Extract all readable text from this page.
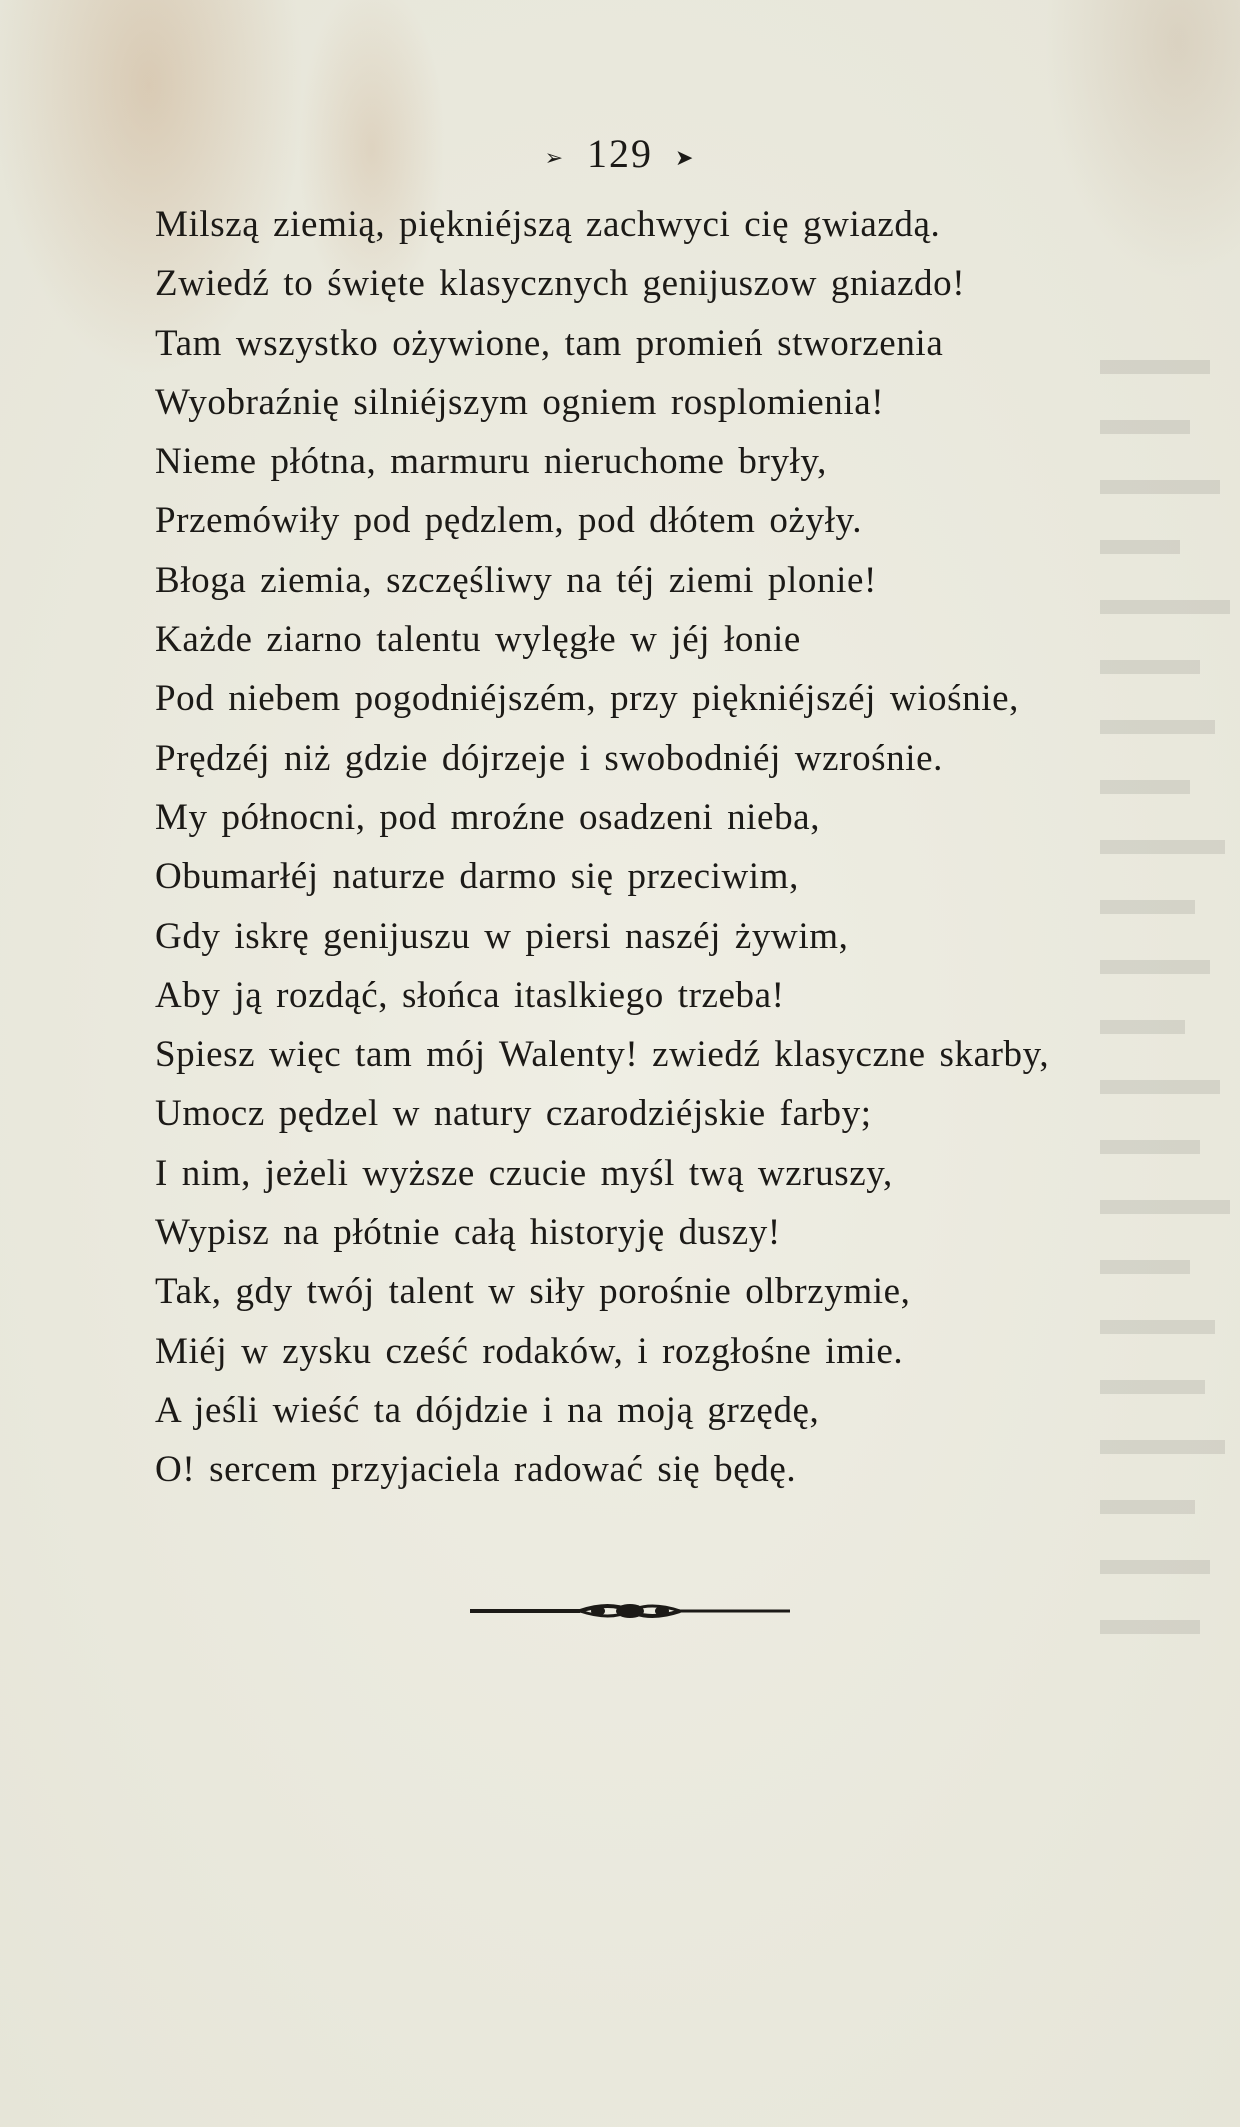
➢ 129 ➤
Milszą ziemią, piękniéjszą zachwyci cię gwiazdą.
Zwiedź to święte klasycznych genijuszow gniazdo!
Tam wszystko ożywione, tam promień stworzenia
Wyobraźnię silniéjszym ogniem rosplomienia!
Nieme płótna, marmuru nieruchome bryły,
Przemówiły pod pędzlem, pod dłótem ożyły.
Błoga ziemia, szczęśliwy na téj ziemi plonie!
Każde ziarno talentu wylęgłe w jéj łonie
Pod niebem pogodniéjszém, przy piękniéjszéj wiośnie,
Prędzéj niż gdzie dójrzeje i swobodniéj wzrośnie.
My północni, pod mroźne osadzeni nieba,
Obumarłéj naturze darmo się przeciwim,
Gdy iskrę genijuszu w piersi naszéj żywim,
Aby ją rozdąć, słońca itaslkiego trzeba!
Spiesz więc tam mój Walenty! zwiedź klasyczne skarby,
Umocz pędzel w natury czarodziéjskie farby;
I nim, jeżeli wyższe czucie myśl twą wzruszy,
Wypisz na płótnie całą historyję duszy!
Tak, gdy twój talent w siły porośnie olbrzymie,
Miéj w zysku cześć rodaków, i rozgłośne imie.
A jeśli wieść ta dójdzie i na moją grzędę,
O! sercem przyjaciela radować się będę.
